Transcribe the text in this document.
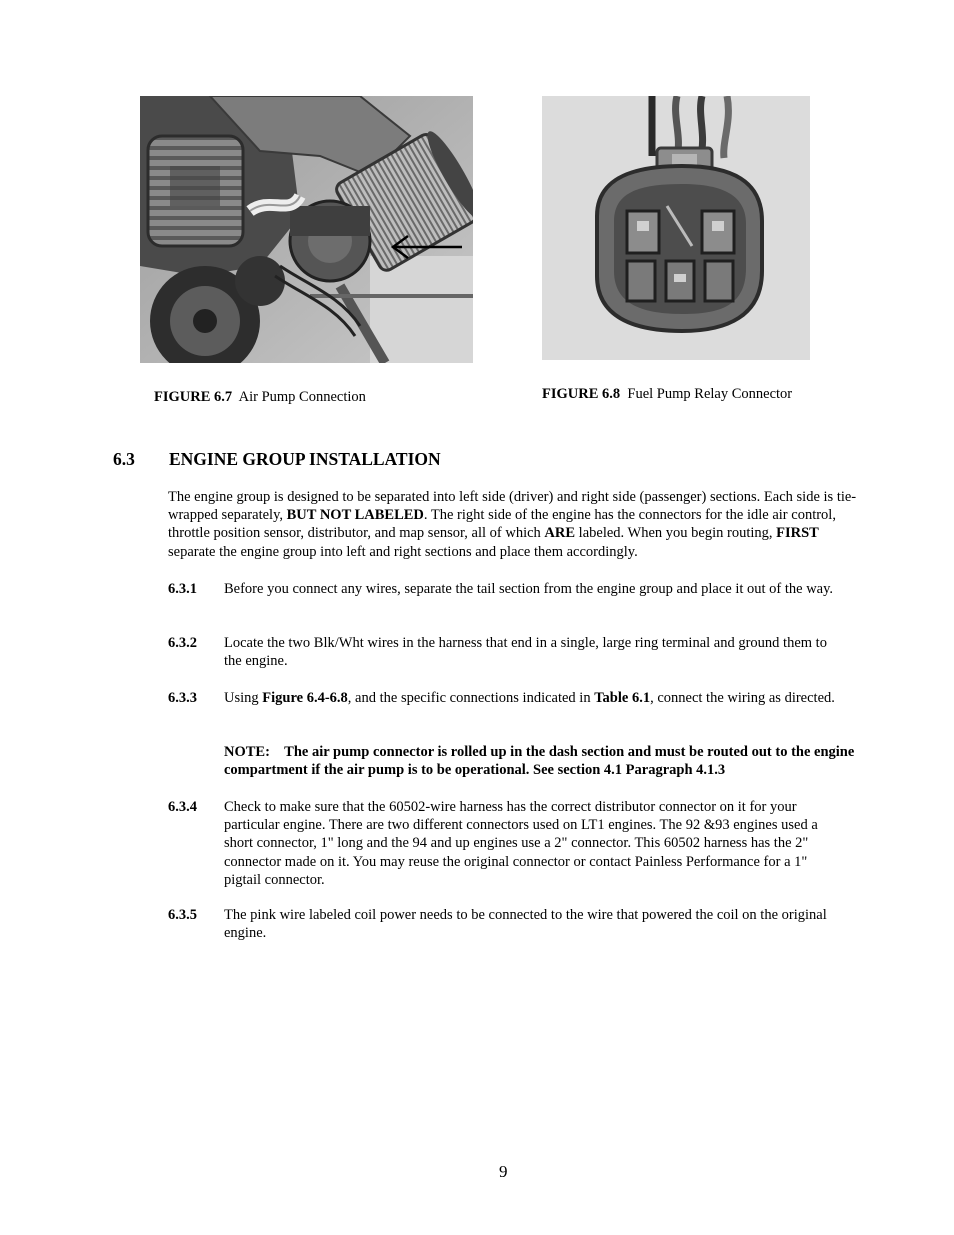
FIGURE 6.7 Air Pump Connection	FIGURE 6.8 Fuel Pump Relay Connector
6.3 ENGINE GROUP INSTALLATION
The engine group is designed to be separated into left side (driver) and right side (passenger) sections. Each side is tie-wrapped separately, BUT NOT LABELED. The right side of the engine has the connectors for the idle air control, throttle position sensor, distributor, and map sensor, all of which ARE labeled. When you begin routing, FIRST separate the engine group into left and right sections and place them accordingly.
6.3.1 Before you connect any wires, separate the tail section from the engine group and place it out of the way.
6.3.2 Locate the two Blk/Wht wires in the harness that end in a single, large ring terminal and ground them to the engine.
6.3.3 Using Figure 6.4-6.8, and the specific connections indicated in Table 6.1, connect the wiring as directed.
NOTE: The air pump connector is rolled up in the dash section and must be routed out to the engine compartment if the air pump is to be operational. See section 4.1 Paragraph 4.1.3
6.3.4 Check to make sure that the 60502-wire harness has the correct distributor connector on it for your particular engine. There are two different connectors used on LT1 engines. The 92 &93 engines used a short connector, 1" long and the 94 and up engines use a 2" connector. This 60502 harness has the 2" connector made on it. You may reuse the original connector or contact Painless Performance for a 1" pigtail connector.
6.3.5 The pink wire labeled coil power needs to be connected to the wire that powered the coil on the original engine.
9
